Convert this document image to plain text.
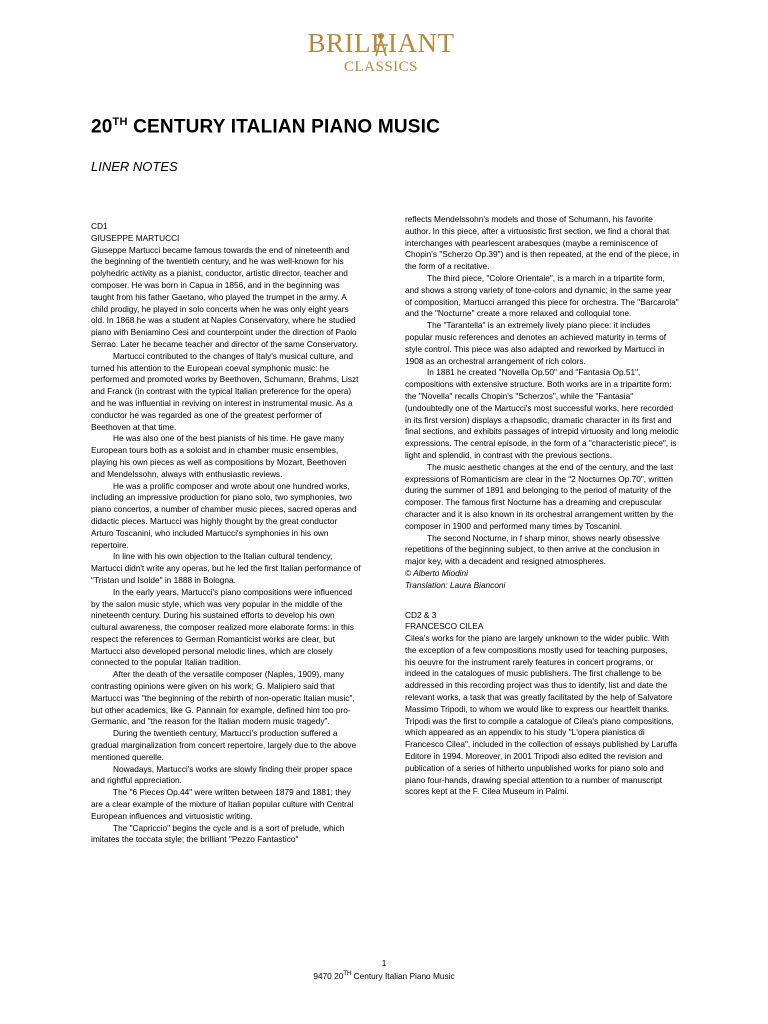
BRILLIANT
CLASSICS
20TH CENTURY ITALIAN PIANO MUSIC
LINER NOTES

CD1

GIUSEPPE MARTUCCI

Giuseppe Martucci became famous towards the end of nineteenth and the beginning of the twentieth century, and he was well-known for his polyhedric activity as a pianist, conductor, artistic director, teacher and composer. He was born in Capua in 1856, and in the beginning was taught from his father Gaetano, who played the trumpet in the army. A child prodigy, he played in solo concerts when he was only eight years old. In 1868 he was a student at Naples Conservatory, where he studied piano with Beniamino Cesi and counterpoint under the direction of Paolo Serrao. Later he became teacher and director of the same Conservatory.

Martucci contributed to the changes of Italy's musical culture, and turned his attention to the European coeval symphonic music: he performed and promoted works by Beethoven, Schumann, Brahms, Liszt and Franck (in contrast with the typical Italian preference for the opera) and he was influential in reviving on interest in instrumental music. As a conductor he was regarded as one of the greatest performer of Beethoven at that time.

He was also one of the best pianists of his time. He gave many European tours both as a soloist and in chamber music ensembles, playing his own pieces as well as compositions by Mozart, Beethoven and Mendelssohn, always with enthusiastic reviews.

He was a prolific composer and wrote about one hundred works, including an impressive production for piano solo, two symphonies, two piano concertos, a number of chamber music pieces, sacred operas and didactic pieces. Martucci was highly thought by the great conductor Arturo Toscanini, who included Martucci's symphonies in his own repertoire.

In line with his own objection to the Italian cultural tendency, Martucci didn't write any operas, but he led the first Italian performance of "Tristan und Isolde" in 1888 in Bologna.

In the early years, Martucci's piano compositions were influenced by the salon music style, which was very popular in the middle of the nineteenth century. During his sustained efforts to develop his own cultural awareness, the composer realized more elaborate forms: in this respect the references to German Romanticist works are clear, but Martucci also developed personal melodic lines, which are closely connected to the popular Italian tradition.

After the death of the versatile composer (Naples, 1909), many contrasting opinions were given on his work; G. Malipiero said that Martucci was "the beginning of the rebirth of non-operatic Italian music", but other academics, like G. Pannain for example, defined him too pro-Germanic, and "the reason for the Italian modern music tragedy".

During the twentieth century, Martucci's production suffered a gradual marginalization from concert repertoire, largely due to the above mentioned querelle.

Nowadays, Martucci's works are slowly finding their proper space and rightful appreciation.

The "6 Pieces Op.44" were written between 1879 and 1881; they are a clear example of the mixture of Italian popular culture with Central European influences and virtuosistic writing.

The "Capriccio" begins the cycle and is a sort of prelude, which imitates the toccata style; the brilliant "Pezzo Fantastico"

reflects Mendelssohn's models and those of Schumann, his favorite author. In this piece, after a virtuosistic first section, we find a choral that interchanges with pearlescent arabesques (maybe a reminiscence of Chopin's "Scherzo Op.39") and is then repeated, at the end of the piece, in the form of a recitative.

The third piece, "Colore Orientale", is a march in a tripartite form, and shows a strong variety of tone-colors and dynamic; in the same year of composition, Martucci arranged this piece for orchestra. The "Barcarola" and the "Nocturne" create a more relaxed and colloquial tone.

The "Tarantella" is an extremely lively piano piece: it includes popular music references and denotes an achieved maturity in terms of style control. This piece was also adapted and reworked by Martucci in 1908 as an orchestral arrangement of rich colors.

In 1881 he created "Novella Op.50" and "Fantasia Op.51", compositions with extensive structure. Both works are in a tripartite form: the "Novella" recalls Chopin's "Scherzos", while the "Fantasia" (undoubtedly one of the Martucci's most successful works, here recorded in its first version) displays a rhapsodic, dramatic character in its first and final sections, and exhibits passages of intrepid virtuosity and long melodic expressions. The central episode, in the form of a "characteristic piece", is light and splendid, in contrast with the previous sections.

The music aesthetic changes at the end of the century, and the last expressions of Romanticism are clear in the "2 Nocturnes Op.70", written during the summer of 1891 and belonging to the period of maturity of the composer. The famous first Nocturne has a dreaming and crepuscular character and it is also known in its orchestral arrangement written by the composer in 1900 and performed many times by Toscanini.

The second Nocturne, in f sharp minor, shows nearly obsessive repetitions of the beginning subject, to then arrive at the conclusion in major key, with a decadent and resigned atmospheres.

© Alberto Miodini

Translation: Laura Bianconi

CD2 & 3

FRANCESCO CILEA

Cilea's works for the piano are largely unknown to the wider public. With the exception of a few compositions mostly used for teaching purposes, his oeuvre for the instrument rarely features in concert programs, or indeed in the catalogues of music publishers. The first challenge to be addressed in this recording project was thus to identify, list and date the relevant works, a task that was greatly facilitated by the help of Salvatore Massimo Tripodi, to whom we would like to express our heartfelt thanks. Tripodi was the first to compile a catalogue of Cilea's piano compositions, which appeared as an appendix to his study "L'opera pianistica di Francesco Cilea", included in the collection of essays published by Laruffa Editore in 1994. Moreover, in 2001 Tripodi also edited the revision and publication of a series of hitherto unpublished works for piano solo and piano four-hands, drawing special attention to a number of manuscript scores kept at the F. Cilea Museum in Palmi.

1
9470 20TH Century Italian Piano Music
